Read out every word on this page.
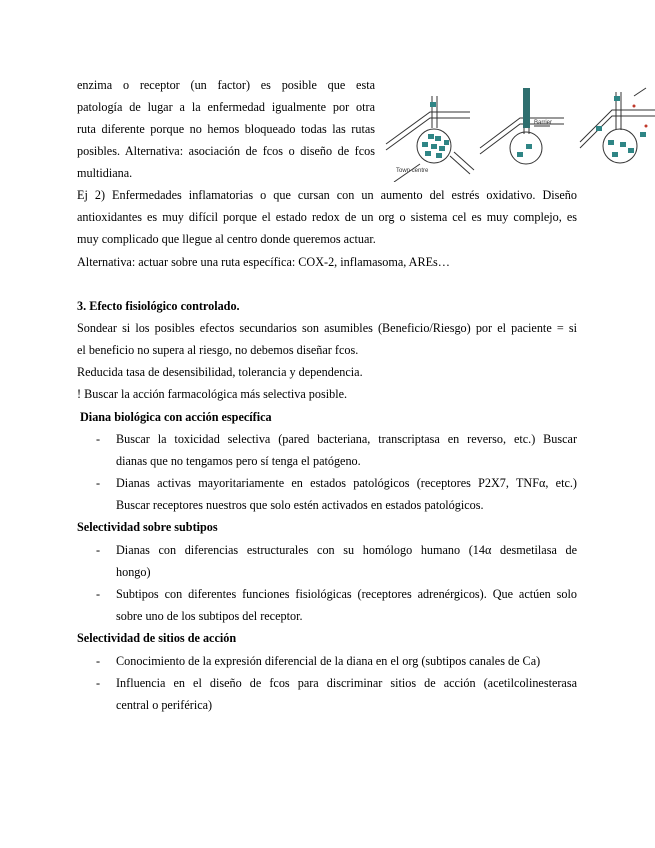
enzima o receptor (un factor) es posible que esta
patología de lugar a la enfermedad igualmente por otra
ruta diferente porque no hemos bloqueado todas las rutas
posibles. Alternativa: asociación de fcos o diseño de fcos
multidiana.	Town centre
Barrier
Ej 2) Enfermedades inflamatorias o que cursan con un aumento del estrés oxidativo. Diseño
antioxidantes es muy difícil porque el estado redox de un org o sistema cel es muy complejo, es
muy complicado que llegue al centro donde queremos actuar.
Alternativa: actuar sobre una ruta específica: COX-2, inflamasoma, AREs…
3. Efecto fisiológico controlado.
Sondear si los posibles efectos secundarios son asumibles (Beneficio/Riesgo) por el paciente = si
el beneficio no supera al riesgo, no debemos diseñar fcos.
Reducida tasa de desensibilidad, tolerancia y dependencia.
! Buscar la acción farmacológica más selectiva posible.
Diana biológica con acción específica
- Buscar la toxicidad selectiva (pared bacteriana, transcriptasa en reverso, etc.) Buscar
dianas que no tengamos pero sí tenga el patógeno.
- Dianas activas mayoritariamente en estados patológicos (receptores P2X7, TNFα, etc.)
Buscar receptores nuestros que solo estén activados en estados patológicos.
Selectividad sobre subtipos
- Dianas con diferencias estructurales con su homólogo humano (14α desmetilasa de
hongo)
- Subtipos con diferentes funciones fisiológicas (receptores adrenérgicos). Que actúen solo
sobre uno de los subtipos del receptor.
Selectividad de sitios de acción
- Conocimiento de la expresión diferencial de la diana en el org (subtipos canales de Ca)
- Influencia en el diseño de fcos para discriminar sitios de acción (acetilcolinesterasa
central o periférica)
